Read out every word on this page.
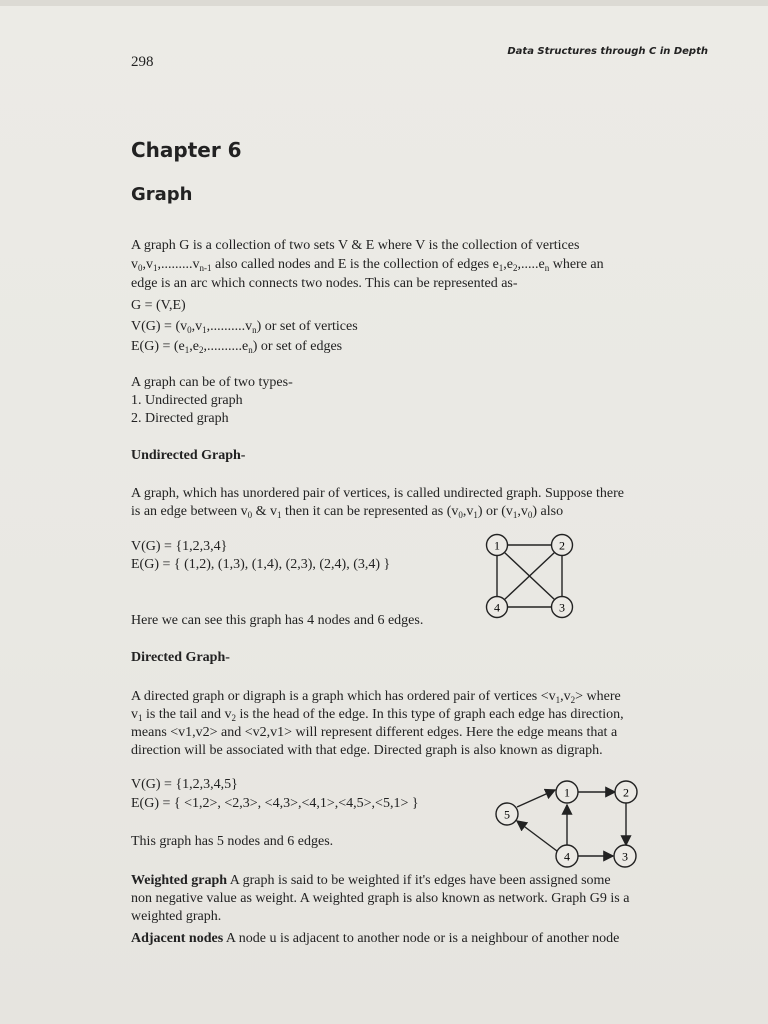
298
Data Structures through C in Depth
Chapter 6
Graph
A graph G is a collection of two sets V & E where V is the collection of vertices
$v_0,v_1,.........v_{n-1}$ also called nodes and E is the collection of edges $e_1,e_2,.....e_n$ where an
edge is an arc which connects two nodes. This can be represented as-
G = (V,E)
$V(G) = (v_0,v_1,..........v_n)$ or set of vertices
$E(G) = (e_1,e_2,..........e_n)$ or set of edges
A graph can be of two types-
1. Undirected graph
2. Directed graph
Undirected Graph-
A graph, which has unordered pair of vertices, is called undirected graph. Suppose there
is an edge between $v_0$ & $v_1$ then it can be represented as $(v_0,v_1)$ or $(v_1,v_0)$ also
V(G) = {1,2,3,4}
E(G) = { (1,2), (1,3), (1,4), (2,3), (2,4), (3,4) }
Here we can see this graph has 4 nodes and 6 edges.
1	2
3
4
Directed Graph-
A directed graph or digraph is a graph which has ordered pair of vertices $<v_1,v_2>$ where
$v_1$ is the tail and $v_2$ is the head of the edge. In this type of graph each edge has direction,
means <v1,v2> and <v2,v1> will represent different edges. Here the edge means that a
direction will be associated with that edge. Directed graph is also known as digraph.
V(G) = {1,2,3,4,5}
E(G) = { <1,2>, <2,3>, <4,3>,<4,1>,<4,5>,<5,1> }
This graph has 5 nodes and 6 edges.
1	2
3
4
5
Weighted graph A graph is said to be weighted if it's edges have been assigned some
non negative value as weight. A weighted graph is also known as network. Graph G9 is a
weighted graph.
Adjacent nodes A node u is adjacent to another node or is a neighbour of another node
